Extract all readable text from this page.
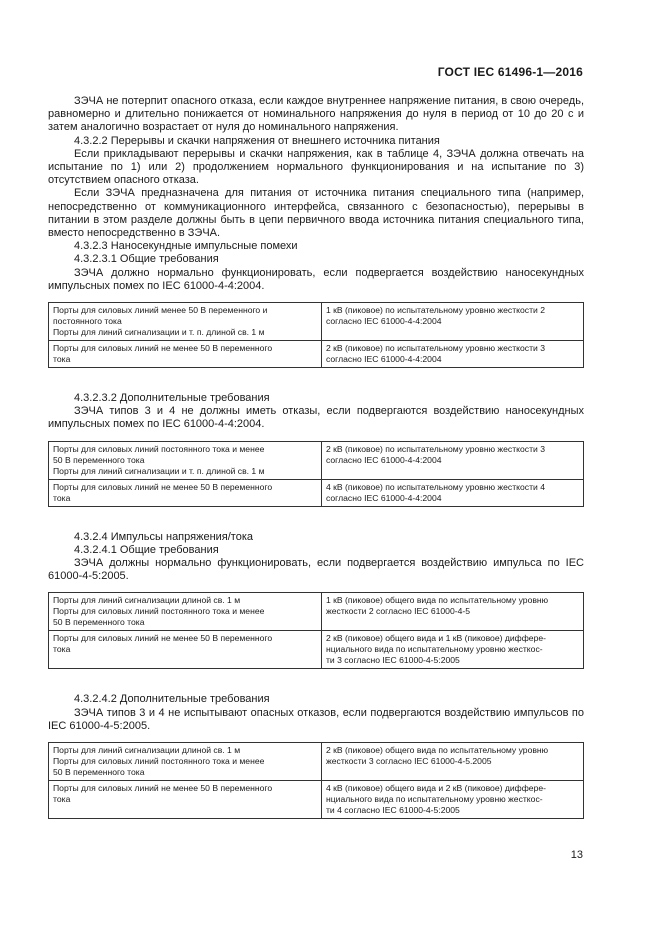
ГОСТ IEC 61496-1—2016

ЗЭЧА не потерпит опасного отказа, если каждое внутреннее напряжение питания, в свою очередь, равномерно и длительно понижается от номинального напряжения до нуля в период от 10 до 20 с и затем аналогично возрастает от нуля до номинального напряжения.

4.3.2.2 Перерывы и скачки напряжения от внешнего источника питания

Если прикладывают перерывы и скачки напряжения, как в таблице 4, ЗЭЧА должна отвечать на испытание по 1) или 2) продолжением нормального функционирования и на испытание по 3) отсутствием опасного отказа.

Если ЗЭЧА предназначена для питания от источника питания специального типа (например, непосредственно от коммуникационного интерфейса, связанного с безопасностью), перерывы в питании в этом разделе должны быть в цепи первичного ввода источника питания специального типа, вместо непосредственно в ЗЭЧА.

4.3.2.3 Наносекундные импульсные помехи

4.3.2.3.1 Общие требования

ЗЭЧА должно нормально функционировать, если подвергается воздействию наносекундных импульсных помех по IEC 61000-4-4:2004.

Порты для силовых линий менее 50 В переменного и
постоянного тока
Порты для линий сигнализации и т. п. длиной св. 1 м	1 кВ (пиковое) по испытательному уровню жесткости 2
согласно IEC 61000-4-4:2004

Порты для силовых линий не менее 50 В переменного
тока	2 кВ (пиковое) по испытательному уровню жесткости 3
согласно IEC 61000-4-4:2004

4.3.2.3.2 Дополнительные требования

ЗЭЧА типов 3 и 4 не должны иметь отказы, если подвергаются воздействию наносекундных импульсных помех по IEC 61000-4-4:2004.

Порты для силовых линий постоянного тока и менее
50 В переменного тока
Порты для линий сигнализации и т. п. длиной св. 1 м	2 кВ (пиковое) по испытательному уровню жесткости 3
согласно IEC 61000-4-4:2004

Порты для силовых линий не менее 50 В переменного
тока	4 кВ (пиковое) по испытательному уровню жесткости 4
согласно IEC 61000-4-4:2004

4.3.2.4 Импульсы напряжения/тока

4.3.2.4.1 Общие требования

ЗЭЧА должны нормально функционировать, если подвергается воздействию импульса по IEC 61000-4-5:2005.

Порты для линий сигнализации длиной св. 1 м
Порты для силовых линий постоянного тока и менее
50 В переменного тока	1 кВ (пиковое) общего вида по испытательному уровню
жесткости 2 согласно IEC 61000-4-5

Порты для силовых линий не менее 50 В переменного
тока	2 кВ (пиковое) общего вида и 1 кВ (пиковое) диффере-
нциального вида по испытательному уровню жесткос-
ти 3 согласно IEC 61000-4-5:2005

4.3.2.4.2 Дополнительные требования

ЗЭЧА типов 3 и 4 не испытывают опасных отказов, если подвергаются воздействию импульсов по IEC 61000-4-5:2005.

Порты для линий сигнализации длиной св. 1 м
Порты для силовых линий постоянного тока и менее
50 В переменного тока	2 кВ (пиковое) общего вида по испытательному уровню
жесткости 3 согласно IEC 61000-4-5.2005

Порты для силовых линий не менее 50 В переменного
тока	4 кВ (пиковое) общего вида и 2 кВ (пиковое) диффере-
нциального вида по испытательному уровню жесткос-
ти 4 согласно IEC 61000-4-5:2005
13
